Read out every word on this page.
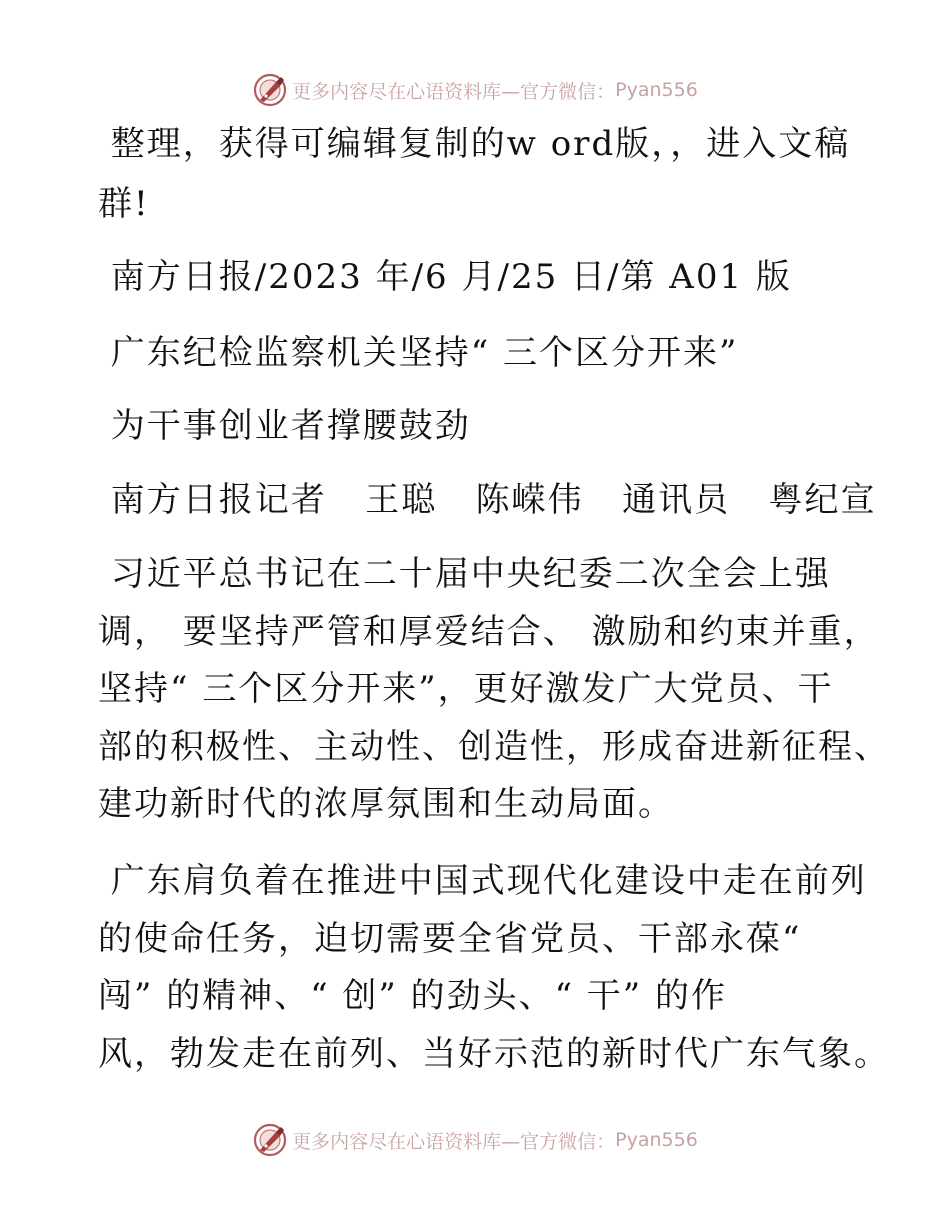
更多内容尽在心语资料库—官方微信： Pyan556
整理，获得可编辑复制的w ord版，，进入文稿
群!
南方日报/2023 年/6 月/25 日/第 A01 版
广东纪检监察机关坚持“ 三个区分开来”
为干事创业者撑腰鼓劲
南方日报记者   王聪   陈嵘伟   通讯员   粤纪宣
习近平总书记在二十届中央纪委二次全会上强
调， 要坚持严管和厚爱结合、 激励和约束并重，
坚持“ 三个区分开来”，更好激发广大党员、干
部的积极性、主动性、创造性，形成奋进新征程、
建功新时代的浓厚氛围和生动局面。
广东肩负着在推进中国式现代化建设中走在前列
的使命任务，迫切需要全省党员、干部永葆“
闯” 的精神、“ 创” 的劲头、“ 干” 的作
风，勃发走在前列、当好示范的新时代广东气象。
更多内容尽在心语资料库—官方微信： Pyan556
